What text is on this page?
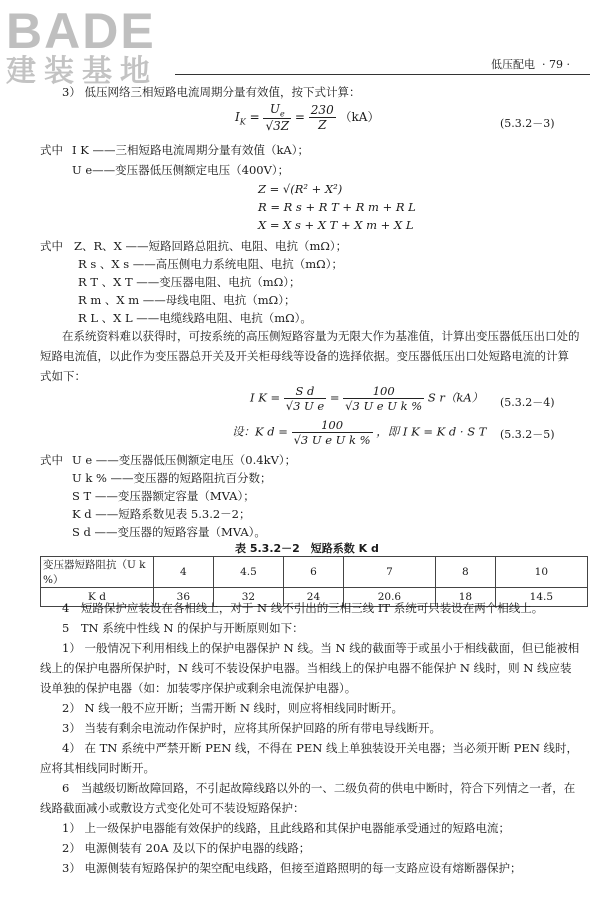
BADE
建装基地	低压配电 · 79 ·
3） 低压网络三相短路电流周期分量有效值，按下式计算：
$I_K = \frac{U_e}{√3Z} = \frac{230}{Z} (kA)$	(5.3.2－3)
式中 I K ——三相短路电流周期分量有效值（kA）；
U e——变压器低压侧额定电压（400V）；
Z = √(R² + X²)
R = R s + R T + R m + R L
X = X s + X T + X m + X L
式中 Z、R、X ——短路回路总阻抗、电阻、电抗（mΩ）；
R s 、X s ——高压侧电力系统电阻、电抗（mΩ）；
R T 、X T ——变压器电阻、电抗（mΩ）；
R m 、X m ——母线电阻、电抗（mΩ）；
R L 、X L ——电缆线路电阻、电抗（mΩ）。
在系统资料难以获得时，可按系统的高压侧短路容量为无限大作为基准值，计算出变压器低压出口处的短路电流值，以此作为变压器总开关及开关柜母线等设备的选择依据。变压器低压出口处短路电流的计算式如下：
I $K = \frac{\text{S d}}{\text{√3 U e}} = \frac{100}{\text{√3 U e U k \%}}$ S r（kA） (5.3.2－4)
设：K $d = \frac{100}{\text{√3 U e U k \%}}$ ，即 I K = K d · S T (5.3.2－5)
式中 U e ——变压器低压侧额定电压（0.4kV）；
U k % ——变压器的短路阻抗百分数；
S T ——变压器额定容量（MVA）；
K d ——短路系数见表 5.3.2－2；
S d ——变压器的短路容量（MVA）。
表 5.3.2－2　短路系数 K d
变压器短路阻抗（U k %）	4	4.5	6	7	8	10
K d	36	32	24	20.6	18	14.5
4　短路保护应装设在各相线上，对于 N 线不引出的三相三线 IT 系统可只装设在两个相线上。
5　TN 系统中性线 N 的保护与开断原则如下：
1） 一般情况下利用相线上的保护电器保护 N 线。当 N 线的截面等于或虽小于相线截面，但已能被相线上的保护电器所保护时，N 线可不装设保护电器。当相线上的保护电器不能保护 N 线时，则 N 线应装设单独的保护电器（如：加装零序保护或剩余电流保护电器）。
2） N 线一般不应开断；当需开断 N 线时，则应将相线同时断开。
3） 当装有剩余电流动作保护时，应将其所保护回路的所有带电导线断开。
4） 在 TN 系统中严禁开断 PEN 线，不得在 PEN 线上单独装设开关电器；当必须开断 PEN 线时，应将其相线同时断开。
6　当越级切断故障回路，不引起故障线路以外的一、二级负荷的供电中断时，符合下列情之一者，在线路截面减小或敷设方式变化处可不装设短路保护：
1） 上一级保护电器能有效保护的线路，且此线路和其保护电器能承受通过的短路电流；
2） 电源侧装有 20A 及以下的保护电器的线路；
3） 电源侧装有短路保护的架空配电线路，但接至道路照明的每一支路应设有熔断器保护；
